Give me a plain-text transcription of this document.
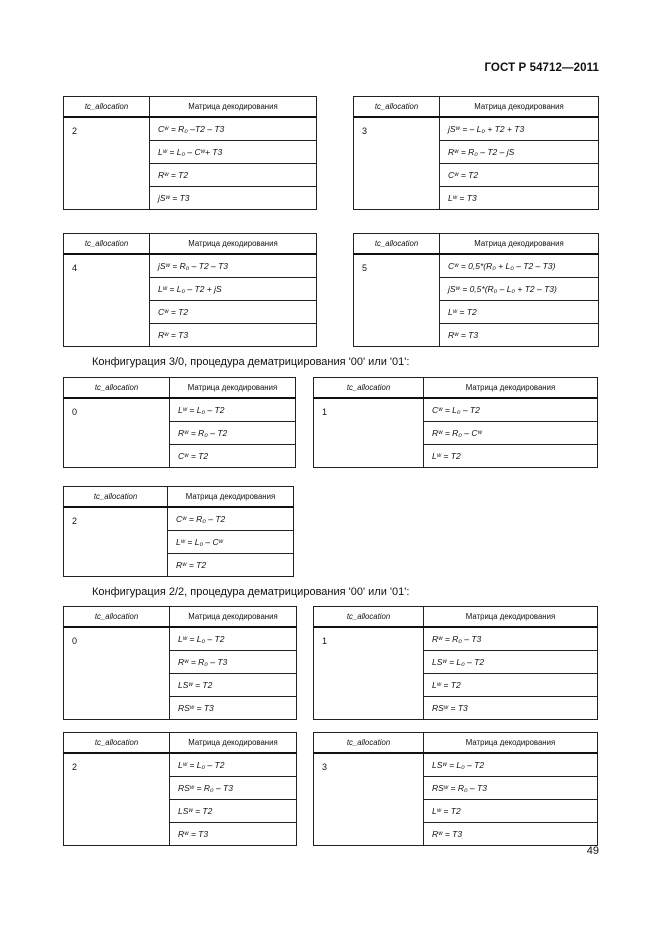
ГОСТ Р 54712—2011
tc_allocation	Матрица декодирования
2	Cʷ = R₀ –T2 – T3
	Lʷ = L₀ – Cʷ+ T3
	Rʷ = T2
	jSʷ = T3
tc_allocation	Матрица декодирования
3	jSʷ = – L₀ + T2 + T3
	Rʷ = R₀ – T2 – jS
	Cʷ = T2
	Lʷ = T3
tc_allocation	Матрица декодирования
4	jSʷ = R₀ – T2 – T3
	Lʷ = L₀ – T2 + jS
	Cʷ = T2
	Rʷ = T3
tc_allocation	Матрица декодирования
5	Cʷ = 0,5*(R₀ + L₀ – T2 – T3)
	jSʷ = 0,5*(R₀ – L₀ + T2 – T3)
	Lʷ = T2
	Rʷ = T3
Конфигурация 3/0, процедура дематрицирования '00' или '01':
tc_allocation	Матрица декодирования
0	Lʷ = L₀ – T2
	Rʷ = R₀ – T2
	Cʷ = T2
tc_allocation	Матрица декодирования
1	Cʷ = L₀ – T2
	Rʷ = R₀ – Cʷ
	Lʷ = T2
tc_allocation	Матрица декодирования
2	Cʷ = R₀ – T2
	Lʷ = L₀ – Cʷ
	Rʷ = T2
Конфигурация 2/2, процедура дематрицирования '00' или '01':
tc_allocation	Матрица декодирования
0	Lʷ = L₀ – T2
	Rʷ = R₀ – T3
	LSʷ = T2
	RSʷ = T3
tc_allocation	Матрица декодирования
1	Rʷ = R₀ – T3
	LSʷ = L₀ – T2
	Lʷ = T2
	RSʷ = T3
tc_allocation	Матрица декодирования
2	Lʷ = L₀ – T2
	RSʷ = R₀ – T3
	LSʷ = T2
	Rʷ = T3
tc_allocation	Матрица декодирования
3	LSʷ = L₀ – T2
	RSʷ = R₀ – T3
	Lʷ = T2
	Rʷ = T3
49
